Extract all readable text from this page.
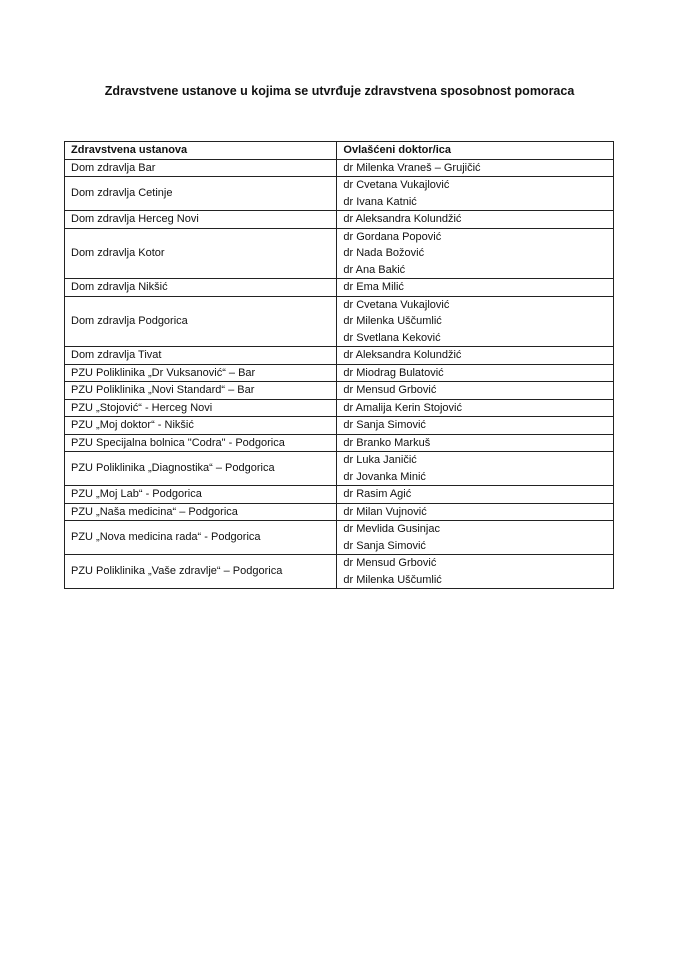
Zdravstvene ustanove u kojima se utvrđuje zdravstvena sposobnost pomoraca
Zdravstvena ustanova	Ovlašćeni doktor/ica
Dom zdravlja Bar	dr Milenka Vraneš – Grujičić

Dom zdravlja Cetinje	dr Cvetana Vukajlović
dr Ivana Katnić

Dom zdravlja Herceg Novi	dr Aleksandra Kolundžić

Dom zdravlja Kotor	dr Gordana Popović
dr Nada Božović
dr Ana Bakić

Dom zdravlja Nikšić	dr Ema Milić

Dom zdravlja Podgorica	dr Cvetana Vukajlović
dr Milenka Uščumlić
dr Svetlana Keković

Dom zdravlja Tivat	dr Aleksandra Kolundžić

PZU Poliklinika „Dr Vuksanović“ – Bar	dr Miodrag Bulatović

PZU Poliklinika „Novi Standard“ – Bar	dr Mensud Grbović

PZU „Stojović“ - Herceg Novi	dr Amalija Kerin Stojović

PZU „Moj doktor“ - Nikšić	dr Sanja Simović

PZU Specijalna bolnica "Codra" - Podgorica	dr Branko Markuš

PZU Poliklinika „Diagnostika“ – Podgorica	dr Luka Janičić
dr Jovanka Minić

PZU „Moj Lab“ - Podgorica	dr Rasim Agić

PZU „Naša medicina“ – Podgorica	dr Milan Vujnović

PZU „Nova medicina rada“ - Podgorica	dr Mevlida Gusinjac
dr Sanja Simović

PZU Poliklinika „Vaše zdravlje“ – Podgorica	dr Mensud Grbović
dr Milenka Uščumlić
